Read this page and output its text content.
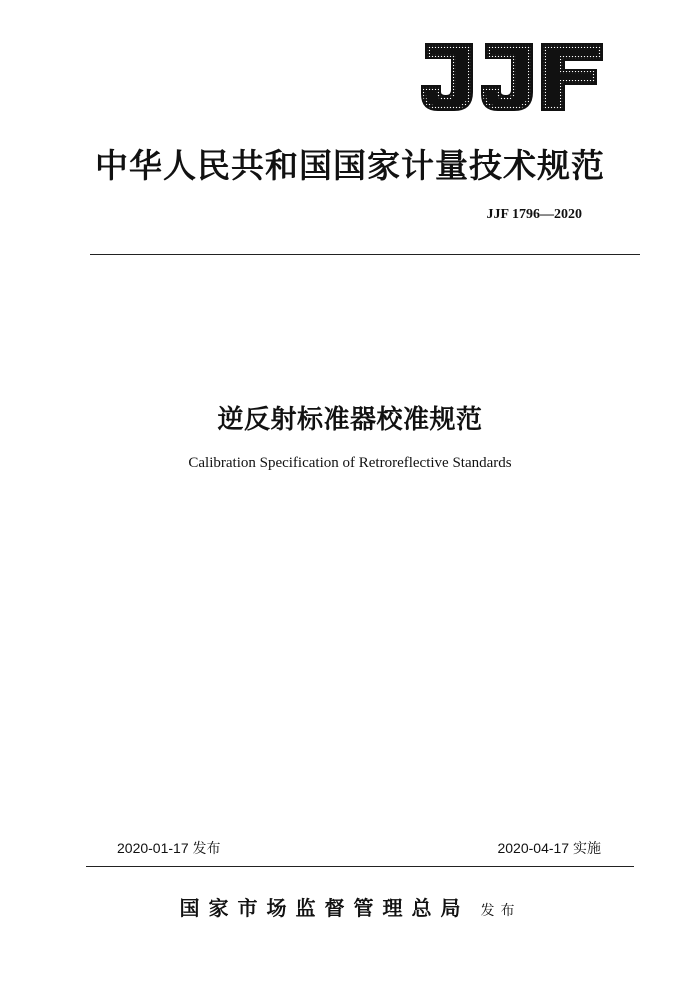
中华人民共和国国家计量技术规范
JJF 1796—2020
逆反射标准器校准规范
Calibration Specification of Retroreflective Standards
2020-01-17 发布	2020-04-17 实施
国家市场监督管理总局 发布
